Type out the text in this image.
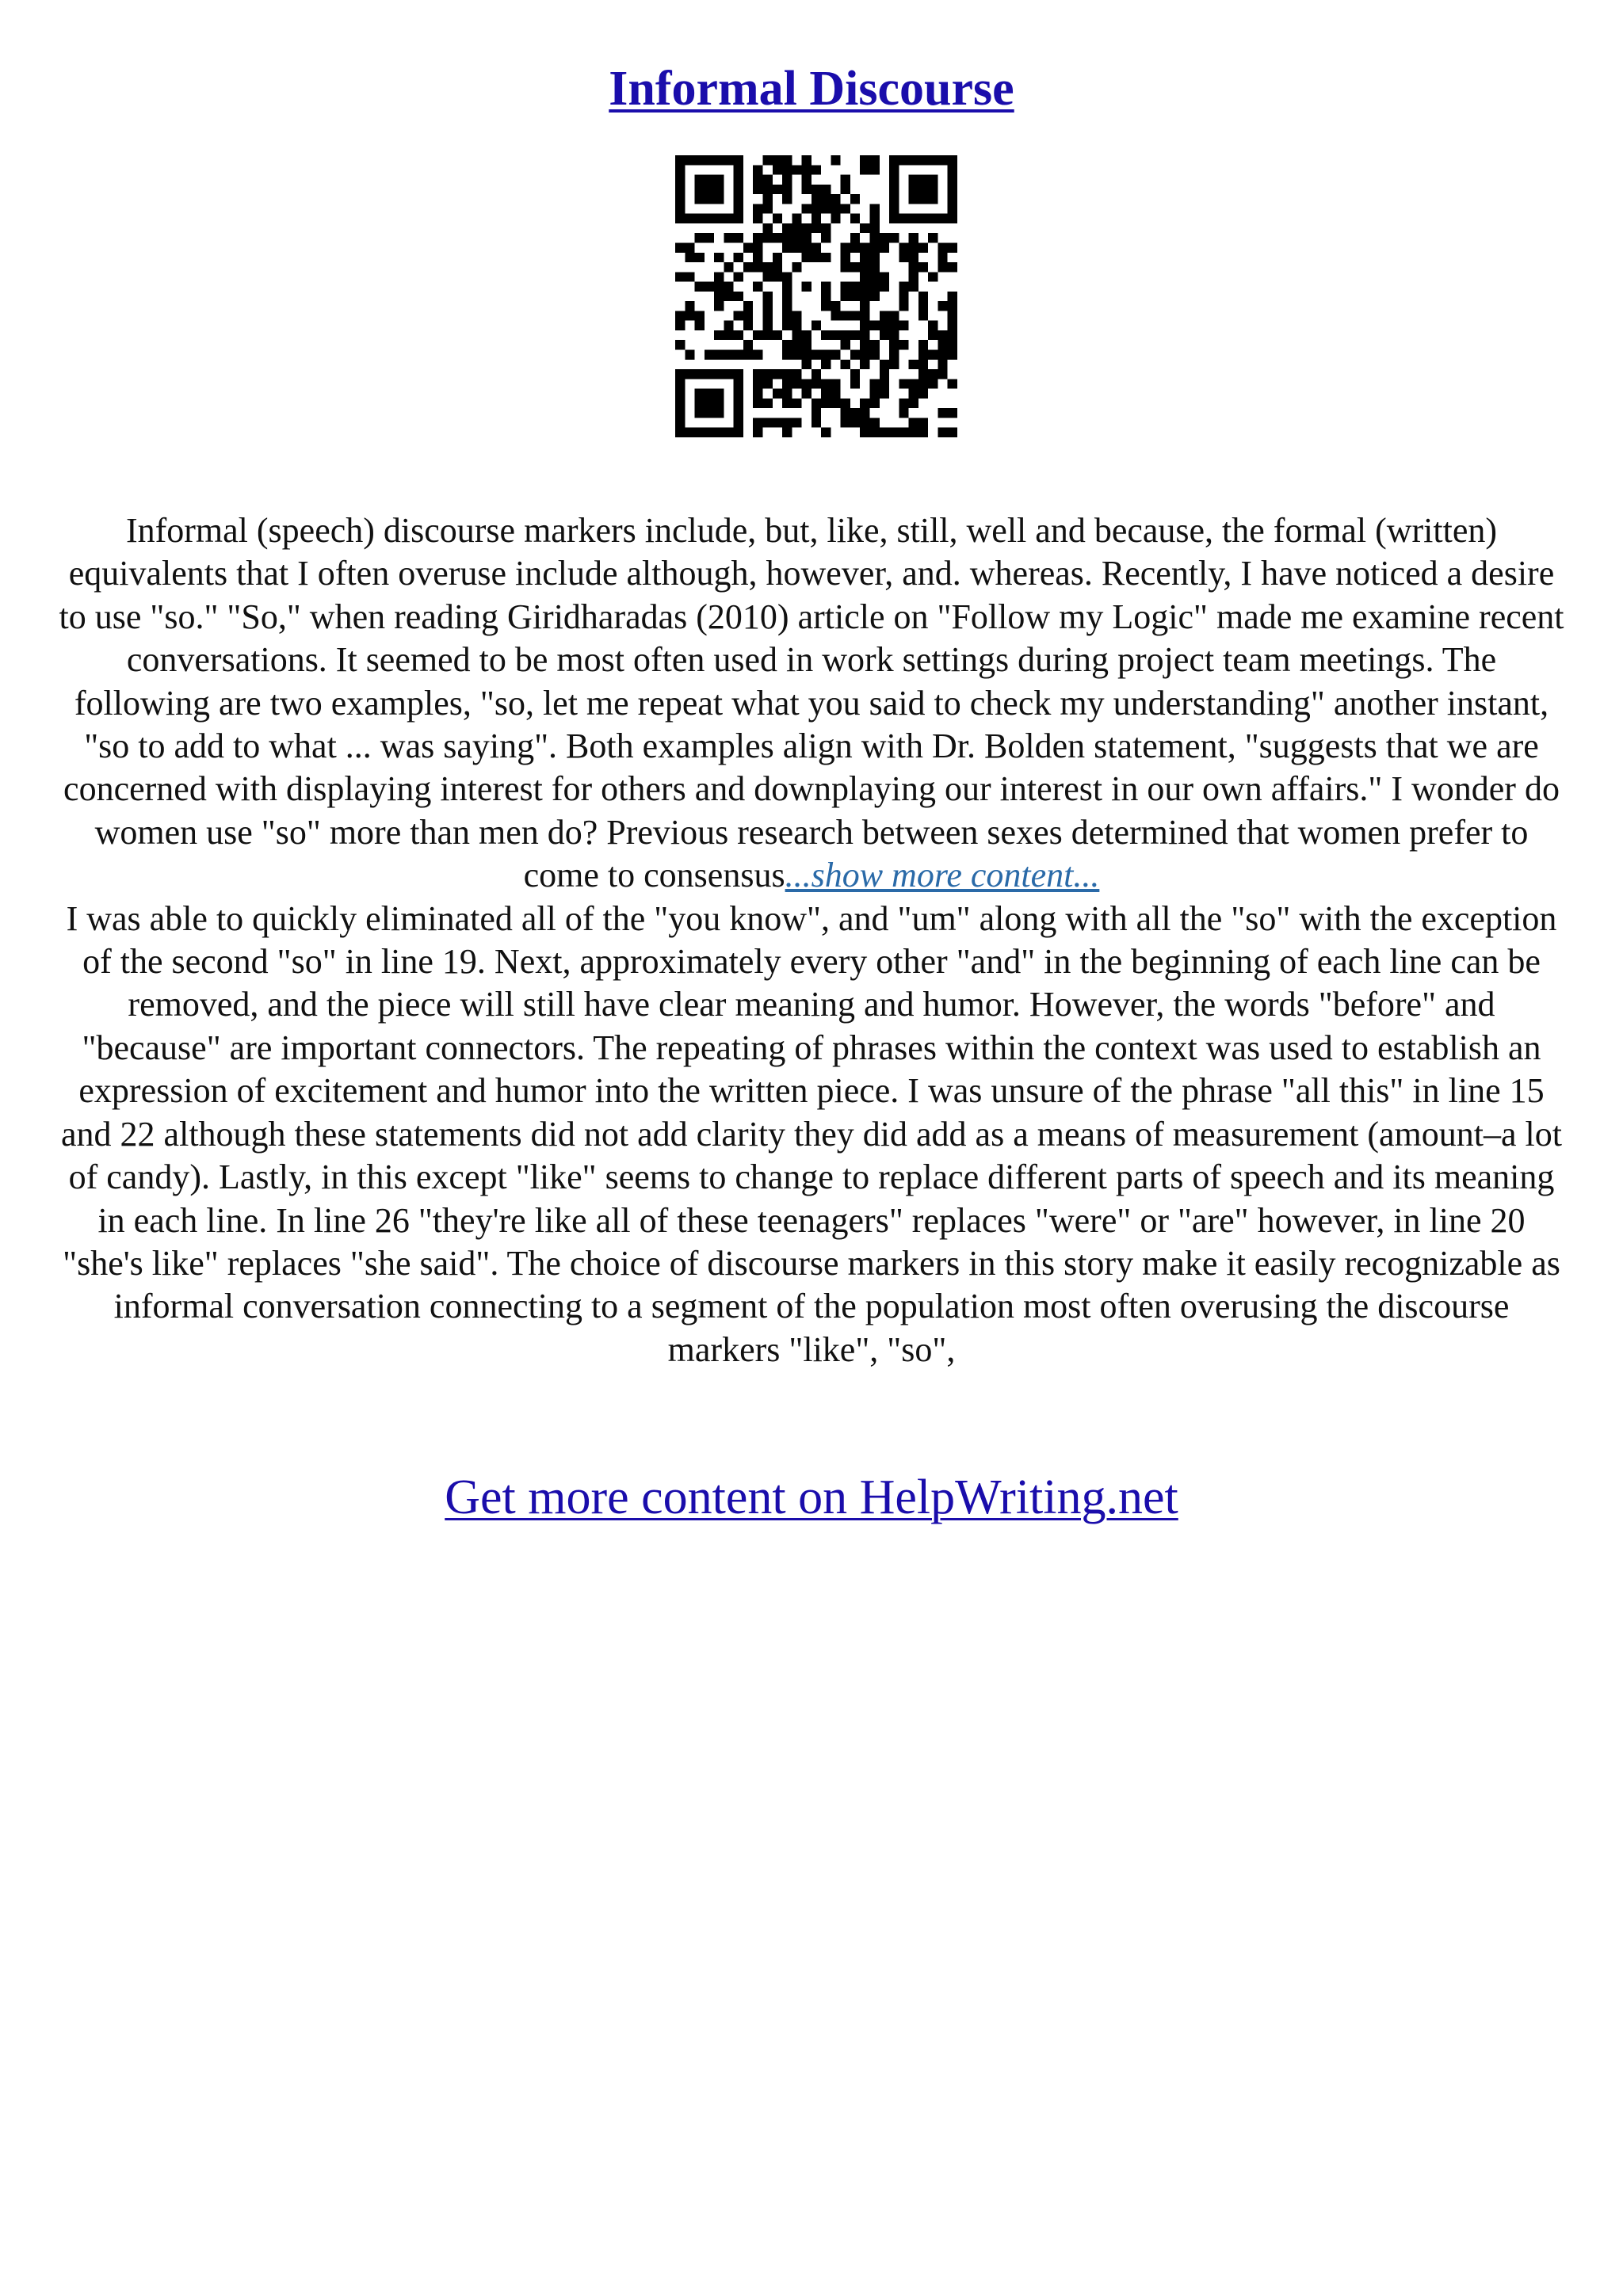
Informal Discourse

Informal (speech) discourse markers include, but, like, still, well and because, the formal (written) equivalents that I often overuse include although, however, and. whereas. Recently, I have noticed a desire to use "so." "So," when reading Giridharadas (2010) article on "Follow my Logic" made me examine recent conversations. It seemed to be most often used in work settings during project team meetings. The following are two examples, "so, let me repeat what you said to check my understanding" another instant, "so to add to what ... was saying". Both examples align with Dr. Bolden statement, "suggests that we are concerned with displaying interest for others and downplaying our interest in our own affairs." I wonder do women use "so" more than men do? Previous research between sexes determined that women prefer to come to consensus...show more content...

I was able to quickly eliminated all of the "you know", and "um" along with all the "so" with the exception of the second "so" in line 19. Next, approximately every other "and" in the beginning of each line can be removed, and the piece will still have clear meaning and humor. However, the words "before" and "because" are important connectors. The repeating of phrases within the context was used to establish an expression of excitement and humor into the written piece. I was unsure of the phrase "all this" in line 15 and 22 although these statements did not add clarity they did add as a means of measurement (amount–a lot of candy). Lastly, in this except "like" seems to change to replace different parts of speech and its meaning in each line. In line 26 "they're like all of these teenagers" replaces "were" or "are" however, in line 20 "she's like" replaces "she said". The choice of discourse markers in this story make it easily recognizable as informal conversation connecting to a segment of the population most often overusing the discourse markers "like", "so",

Get more content on HelpWriting.net
